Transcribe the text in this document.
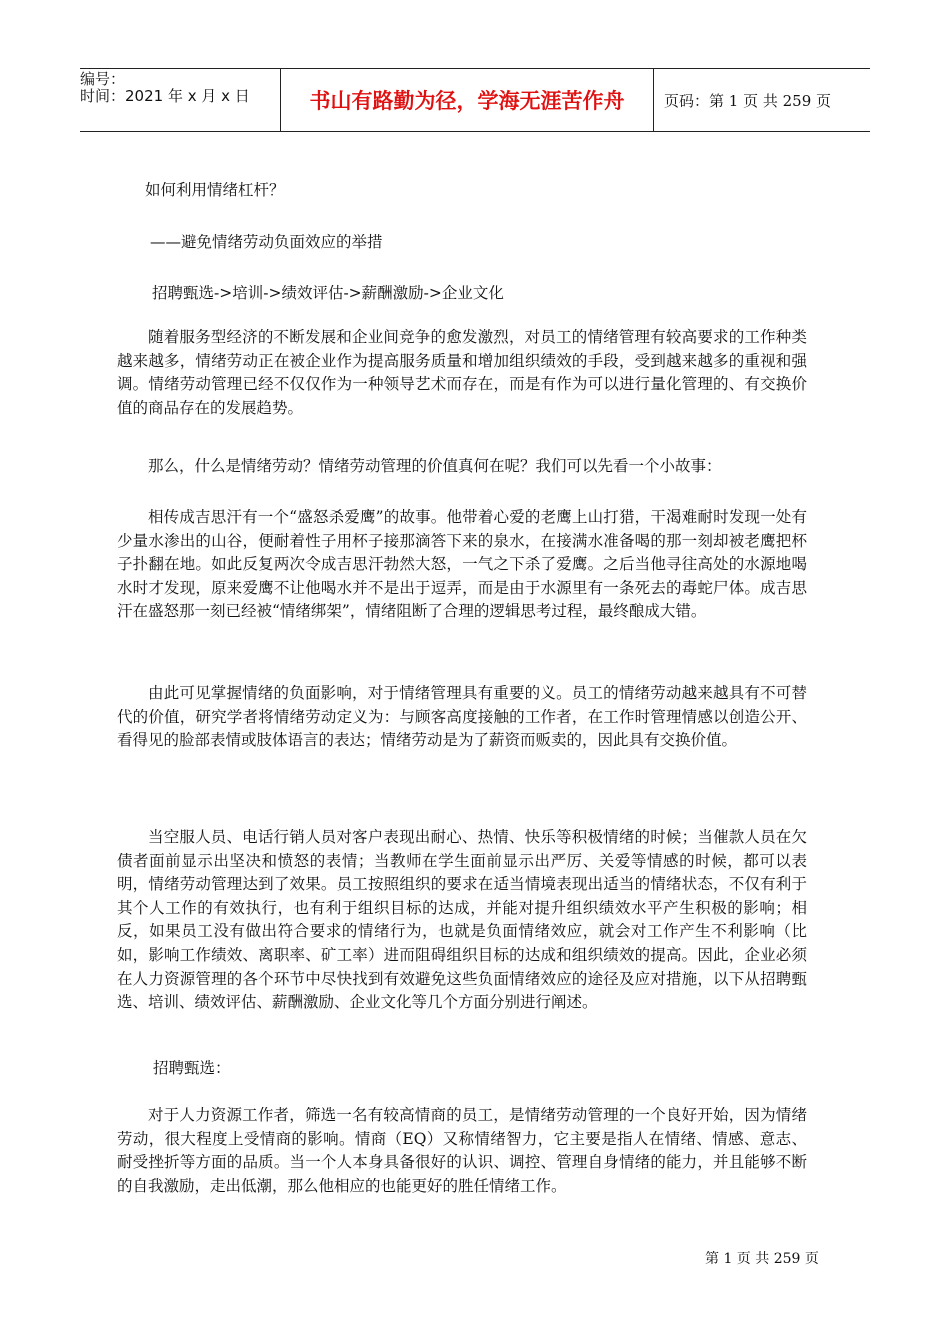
编号：
时间：2021 年 x 月 x 日	书山有路勤为径，学海无涯苦作舟	页码：第 1 页 共 259 页
如何利用情绪杠杆？
——避免情绪劳动负面效应的举措
招聘甄选->培训->绩效评估->薪酬激励->企业文化
随着服务型经济的不断发展和企业间竞争的愈发激烈，对员工的情绪管理有较高要求的工作种类越来越多，情绪劳动正在被企业作为提高服务质量和增加组织绩效的手段，受到越来越多的重视和强调。情绪劳动管理已经不仅仅作为一种领导艺术而存在，而是有作为可以进行量化管理的、有交换价值的商品存在的发展趋势。
那么，什么是情绪劳动？情绪劳动管理的价值真何在呢？我们可以先看一个小故事：
相传成吉思汗有一个“盛怒杀爱鹰”的故事。他带着心爱的老鹰上山打猎，干渴难耐时发现一处有少量水渗出的山谷，便耐着性子用杯子接那滴答下来的泉水，在接满水准备喝的那一刻却被老鹰把杯子扑翻在地。如此反复两次令成吉思汗勃然大怒，一气之下杀了爱鹰。之后当他寻往高处的水源地喝水时才发现，原来爱鹰不让他喝水并不是出于逗弄，而是由于水源里有一条死去的毒蛇尸体。成吉思汗在盛怒那一刻已经被“情绪绑架”，情绪阻断了合理的逻辑思考过程，最终酿成大错。
由此可见掌握情绪的负面影响，对于情绪管理具有重要的义。员工的情绪劳动越来越具有不可替代的价值，研究学者将情绪劳动定义为：与顾客高度接触的工作者，在工作时管理情感以创造公开、看得见的脸部表情或肢体语言的表达；情绪劳动是为了薪资而贩卖的，因此具有交换价值。
当空服人员、电话行销人员对客户表现出耐心、热情、快乐等积极情绪的时候；当催款人员在欠债者面前显示出坚决和愤怒的表情；当教师在学生面前显示出严厉、关爱等情感的时候，都可以表明，情绪劳动管理达到了效果。员工按照组织的要求在适当情境表现出适当的情绪状态，不仅有利于其个人工作的有效执行，也有利于组织目标的达成，并能对提升组织绩效水平产生积极的影响；相反，如果员工没有做出符合要求的情绪行为，也就是负面情绪效应，就会对工作产生不利影响（比如，影响工作绩效、离职率、矿工率）进而阻碍组织目标的达成和组织绩效的提高。因此，企业必须在人力资源管理的各个环节中尽快找到有效避免这些负面情绪效应的途径及应对措施，以下从招聘甄选、培训、绩效评估、薪酬激励、企业文化等几个方面分别进行阐述。
招聘甄选：
对于人力资源工作者，筛选一名有较高情商的员工，是情绪劳动管理的一个良好开始，因为情绪劳动，很大程度上受情商的影响。情商（EQ）又称情绪智力，它主要是指人在情绪、情感、意志、耐受挫折等方面的品质。当一个人本身具备很好的认识、调控、管理自身情绪的能力，并且能够不断的自我激励，走出低潮，那么他相应的也能更好的胜任情绪工作。
第 1 页 共 259 页
